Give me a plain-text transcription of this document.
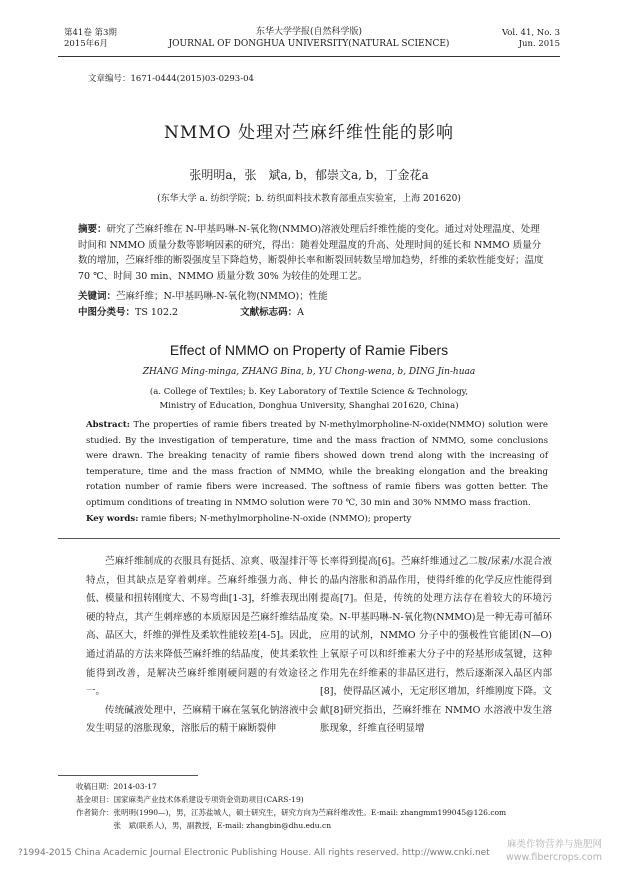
第41卷 第3期
2015年6月
东华大学学报(自然科学版)
JOURNAL OF DONGHUA UNIVERSITY(NATURAL SCIENCE)
Vol. 41, No. 3
Jun. 2015
文章编号：1671-0444(2015)03-0293-04
NMMO 处理对苎麻纤维性能的影响
张明明a，张　斌a, b，郁崇文a, b，丁金花a
(东华大学 a. 纺织学院；b. 纺织面料技术教育部重点实验室，上海 201620)
摘要：研究了苎麻纤维在 N-甲基吗啉-N-氧化物(NMMO)溶液处理后纤维性能的变化。通过对处理温度、处理时间和 NMMO 质量分数等影响因素的研究，得出：随着处理温度的升高、处理时间的延长和 NMMO 质量分数的增加，苎麻纤维的断裂强度呈下降趋势，断裂伸长率和断裂回转数呈增加趋势，纤维的柔软性能变好；温度 70 ℃、时间 30 min、NMMO 质量分数 30% 为较佳的处理工艺。
关键词：苎麻纤维；N-甲基吗啉-N-氧化物(NMMO)；性能
中图分类号：TS 102.2	文献标志码：A
Effect of NMMO on Property of Ramie Fibers
ZHANG Ming-minga, ZHANG Bina, b, YU Chong-wena, b, DING Jin-huaa
(a. College of Textiles; b. Key Laboratory of Textile Science & Technology,
Ministry of Education, Donghua University, Shanghai 201620, China)
Abstract: The properties of ramie fibers treated by N-methylmorpholine-N-oxide(NMMO) solution were studied. By the investigation of temperature, time and the mass fraction of NMMO, some conclusions were drawn. The breaking tenacity of ramie fibers showed down trend along with the increasing of temperature, time and the mass fraction of NMMO, while the breaking elongation and the breaking rotation number of ramie fibers were increased. The softness of ramie fibers was gotten better. The optimum conditions of treating in NMMO solution were 70 ℃, 30 min and 30% NMMO mass fraction.
Key words: ramie fibers; N-methylmorpholine-N-oxide (NMMO); property

苎麻纤维制成的衣服具有挺括、凉爽、吸湿排汗等特点，但其缺点是穿着刺痒。苎麻纤维强力高、伸长低、模量和扭转刚度大、不易弯曲[1-3]，纤维表现出刚硬的特点，其产生刺痒感的本质原因是苎麻纤维结晶度高、晶区大，纤维的弹性及柔软性能较差[4-5]。因此，通过消晶的方法来降低苎麻纤维的结晶度，使其柔软性能得到改善，是解决苎麻纤维刚硬问题的有效途径之一。

传统碱液处理中，苎麻精干麻在氢氧化钠溶液中会发生明显的溶胀现象，溶胀后的精干麻断裂伸

长率得到提高[6]。苎麻纤维通过乙二胺/尿素/水混合液的晶内溶胀和消晶作用，使得纤维的化学反应性能得到提高[7]。但是，传统的处理方法存在着较大的环境污染。N-甲基吗啉-N-氧化物(NMMO)是一种无毒可循环应用的试剂，NMMO 分子中的强极性官能团(N—O)上氧原子可以和纤维素大分子中的羟基形成氢键，这种作用先在纤维素的非晶区进行，然后逐渐深入晶区内部[8]，使得晶区减小，无定形区增加，纤维刚度下降。文献[8]研究指出，苎麻纤维在 NMMO 水溶液中发生溶胀现象，纤维直径明显增

收稿日期：2014-03-17
基金项目：国家麻类产业技术体系建设专项资金资助项目(CARS-19)
作者简介：张明明(1990—)，男，江苏盐城人，硕士研究生，研究方向为苎麻纤维改性。E-mail: zhangmm199045@126.com
　　　　　张　斌(联系人)，男，副教授，E-mail: zhangbin@dhu.edu.cn
?1994-2015 China Academic Journal Electronic Publishing House. All rights reserved. http://www.cnki.net
麻类作物营养与施肥网
www.fibercrops.com
